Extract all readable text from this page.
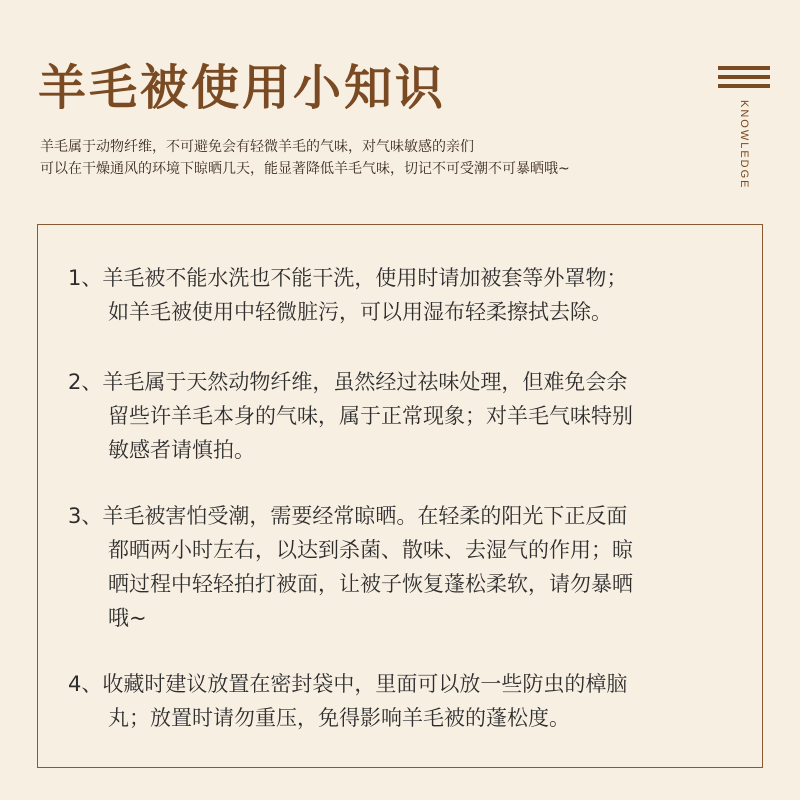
羊毛被使用小知识
KNOWLEDGE
羊毛属于动物纤维，不可避免会有轻微羊毛的气味，对气味敏感的亲们
可以在干燥通风的环境下晾晒几天，能显著降低羊毛气味，切记不可受潮不可暴晒哦~
1、羊毛被不能水洗也不能干洗，使用时请加被套等外罩物；
如羊毛被使用中轻微脏污，可以用湿布轻柔擦拭去除。
2、羊毛属于天然动物纤维，虽然经过祛味处理，但难免会余
留些许羊毛本身的气味，属于正常现象；对羊毛气味特别
敏感者请慎拍。
3、羊毛被害怕受潮，需要经常晾晒。在轻柔的阳光下正反面
都晒两小时左右，以达到杀菌、散味、去湿气的作用；晾
晒过程中轻轻拍打被面，让被子恢复蓬松柔软，请勿暴晒
哦~
4、收藏时建议放置在密封袋中，里面可以放一些防虫的樟脑
丸；放置时请勿重压，免得影响羊毛被的蓬松度。
